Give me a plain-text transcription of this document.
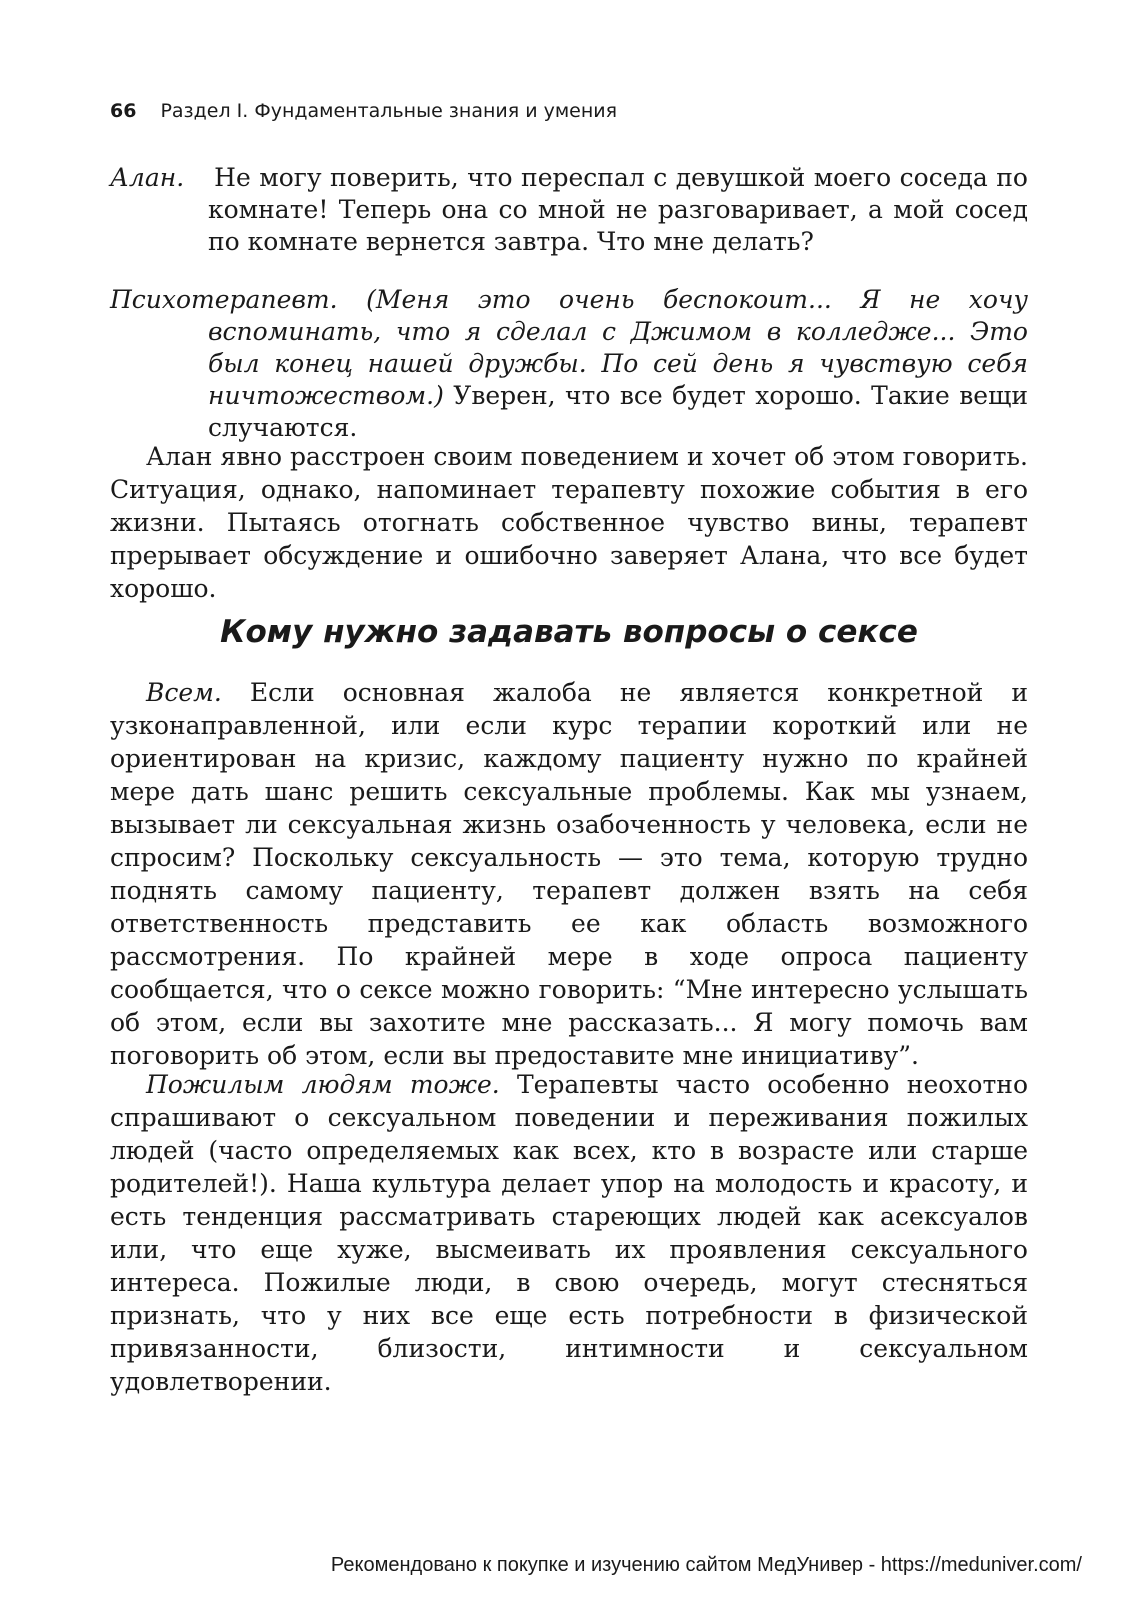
66 Раздел I. Фундаментальные знания и умения
Алан. Не могу поверить, что переспал с девушкой моего соседа по комнате! Теперь она со мной не разговаривает, а мой сосед по комнате вернется завтра. Что мне делать?
Психотерапевт. (Меня это очень беспокоит... Я не хочу вспоминать, что я сделал с Джимом в колледже... Это был конец нашей дружбы. По сей день я чувствую себя ничтожеством.) Уверен, что все будет хорошо. Такие вещи случаются.

Алан явно расстроен своим поведением и хочет об этом говорить. Ситуация, однако, напоминает терапевту похожие события в его жизни. Пытаясь отогнать собственное чувство вины, терапевт прерывает обсуждение и ошибочно заверяет Алана, что все будет хорошо.

Кому нужно задавать вопросы о сексе

Всем. Если основная жалоба не является конкретной и узконаправленной, или если курс терапии короткий или не ориентирован на кризис, каждому пациенту нужно по крайней мере дать шанс решить сексуальные проблемы. Как мы узнаем, вызывает ли сексуальная жизнь озабоченность у человека, если не спросим? Поскольку сексуальность — это тема, которую трудно поднять самому пациенту, терапевт должен взять на себя ответственность представить ее как область возможного рассмотрения. По крайней мере в ходе опроса пациенту сообщается, что о сексе можно говорить: “Мне интересно услышать об этом, если вы захотите мне рассказать... Я могу помочь вам поговорить об этом, если вы предоставите мне инициативу”.

Пожилым людям тоже. Терапевты часто особенно неохотно спрашивают о сексуальном поведении и переживания пожилых людей (часто определяемых как всех, кто в возрасте или старше родителей!). Наша культура делает упор на молодость и красоту, и есть тенденция рассматривать стареющих людей как асексуалов или, что еще хуже, высмеивать их проявления сексуального интереса. Пожилые люди, в свою очередь, могут стесняться признать, что у них все еще есть потребности в физической привязанности, близости, интимности и сексуальном удовлетворении.

Рекомендовано к покупке и изучению сайтом МедУнивер - https://meduniver.com/
